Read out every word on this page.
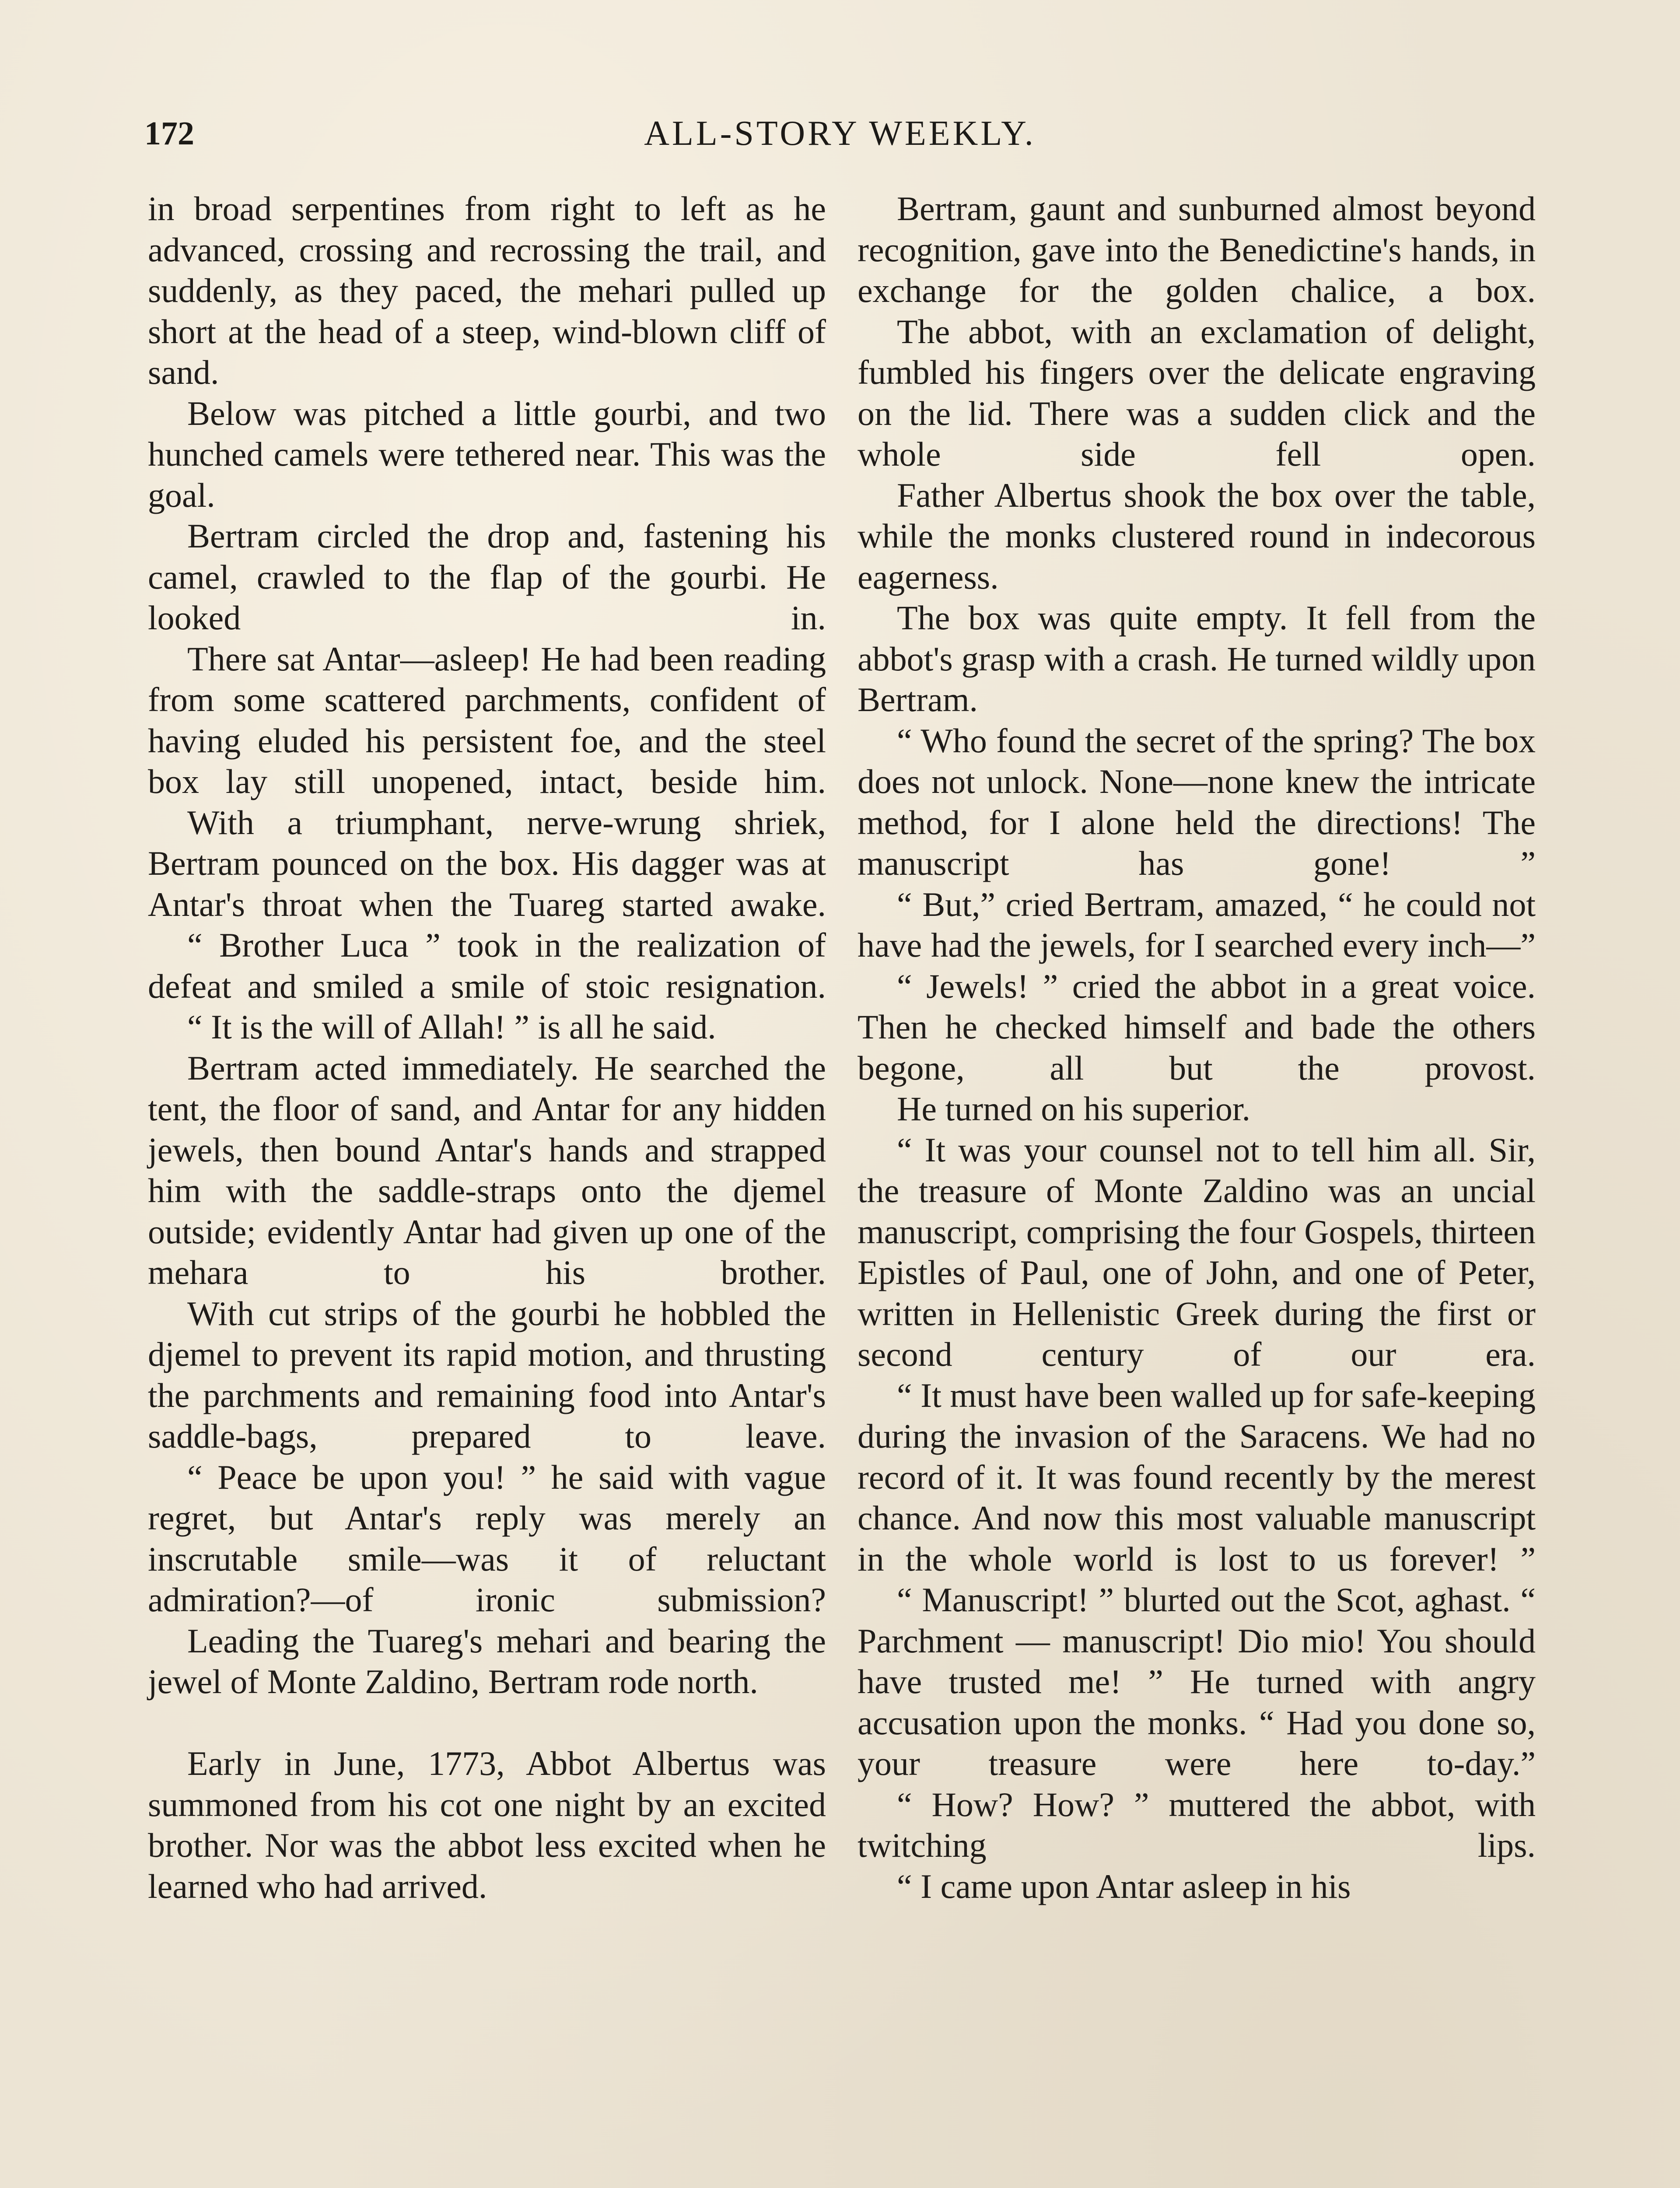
172	ALL-STORY WEEKLY.

in broad serpentines from right to left as he advanced, crossing and recrossing the trail, and suddenly, as they paced, the mehari pulled up short at the head of a steep, wind-blown cliff of sand.

Below was pitched a little gourbi, and two hunched camels were tethered near. This was the goal.

Bertram circled the drop and, fastening his camel, crawled to the flap of the gourbi. He looked in.

There sat Antar—asleep! He had been reading from some scattered parchments, confident of having eluded his persistent foe, and the steel box lay still unopened, intact, beside him.

With a triumphant, nerve-wrung shriek, Bertram pounced on the box. His dagger was at Antar's throat when the Tuareg started awake.

“ Brother Luca ” took in the realization of defeat and smiled a smile of stoic resignation.

“ It is the will of Allah! ” is all he said.

Bertram acted immediately. He searched the tent, the floor of sand, and Antar for any hidden jewels, then bound Antar's hands and strapped him with the saddle-straps onto the djemel outside; evidently Antar had given up one of the mehara to his brother.

With cut strips of the gourbi he hobbled the djemel to prevent its rapid motion, and thrusting the parchments and remaining food into Antar's saddle-bags, prepared to leave.

“ Peace be upon you! ” he said with vague regret, but Antar's reply was merely an inscrutable smile—was it of reluctant admiration?—of ironic submission?

Leading the Tuareg's mehari and bearing the jewel of Monte Zaldino, Bertram rode north.

Early in June, 1773, Abbot Albertus was summoned from his cot one night by an excited brother. Nor was the abbot less excited when he learned who had arrived.

Bertram, gaunt and sunburned almost beyond recognition, gave into the Benedictine's hands, in exchange for the golden chalice, a box.

The abbot, with an exclamation of delight, fumbled his fingers over the delicate engraving on the lid. There was a sudden click and the whole side fell open.

Father Albertus shook the box over the table, while the monks clustered round in indecorous eagerness.

The box was quite empty. It fell from the abbot's grasp with a crash. He turned wildly upon Bertram.

“ Who found the secret of the spring? The box does not unlock. None—none knew the intricate method, for I alone held the directions! The manuscript has gone! ”

“ But,” cried Bertram, amazed, “ he could not have had the jewels, for I searched every inch—”

“ Jewels! ” cried the abbot in a great voice. Then he checked himself and bade the others begone, all but the provost.

He turned on his superior.

“ It was your counsel not to tell him all. Sir, the treasure of Monte Zaldino was an uncial manuscript, comprising the four Gospels, thirteen Epistles of Paul, one of John, and one of Peter, written in Hellenistic Greek during the first or second century of our era.

“ It must have been walled up for safe-keeping during the invasion of the Saracens. We had no record of it. It was found recently by the merest chance. And now this most valuable manuscript in the whole world is lost to us forever! ”

“ Manuscript! ” blurted out the Scot, aghast. “ Parchment — manuscript! Dio mio! You should have trusted me! ” He turned with angry accusation upon the monks. “ Had you done so, your treasure were here to-day.”

“ How? How? ” muttered the abbot, with twitching lips.

“ I came upon Antar asleep in his
